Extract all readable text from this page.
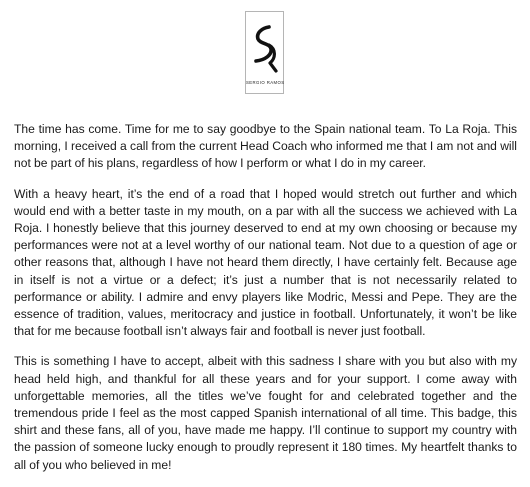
SERGIO RAMOS

The time has come. Time for me to say goodbye to the Spain national team. To La Roja. This morning, I received a call from the current Head Coach who informed me that I am not and will not be part of his plans, regardless of how I perform or what I do in my career.

With a heavy heart, it’s the end of a road that I hoped would stretch out further and which would end with a better taste in my mouth, on a par with all the success we achieved with La Roja. I honestly believe that this journey deserved to end at my own choosing or because my performances were not at a level worthy of our national team. Not due to a question of age or other reasons that, although I have not heard them directly, I have certainly felt. Because age in itself is not a virtue or a defect; it’s just a number that is not necessarily related to performance or ability. I admire and envy players like Modric, Messi and Pepe. They are the essence of tradition, values, meritocracy and justice in football. Unfortunately, it won’t be like that for me because football isn’t always fair and football is never just football.

This is something I have to accept, albeit with this sadness I share with you but also with my head held high, and thankful for all these years and for your support. I come away with unforgettable memories, all the titles we’ve fought for and celebrated together and the tremendous pride I feel as the most capped Spanish international of all time. This badge, this shirt and these fans, all of you, have made me happy. I’ll continue to support my country with the passion of someone lucky enough to proudly represent it 180 times. My heartfelt thanks to all of you who believed in me!
